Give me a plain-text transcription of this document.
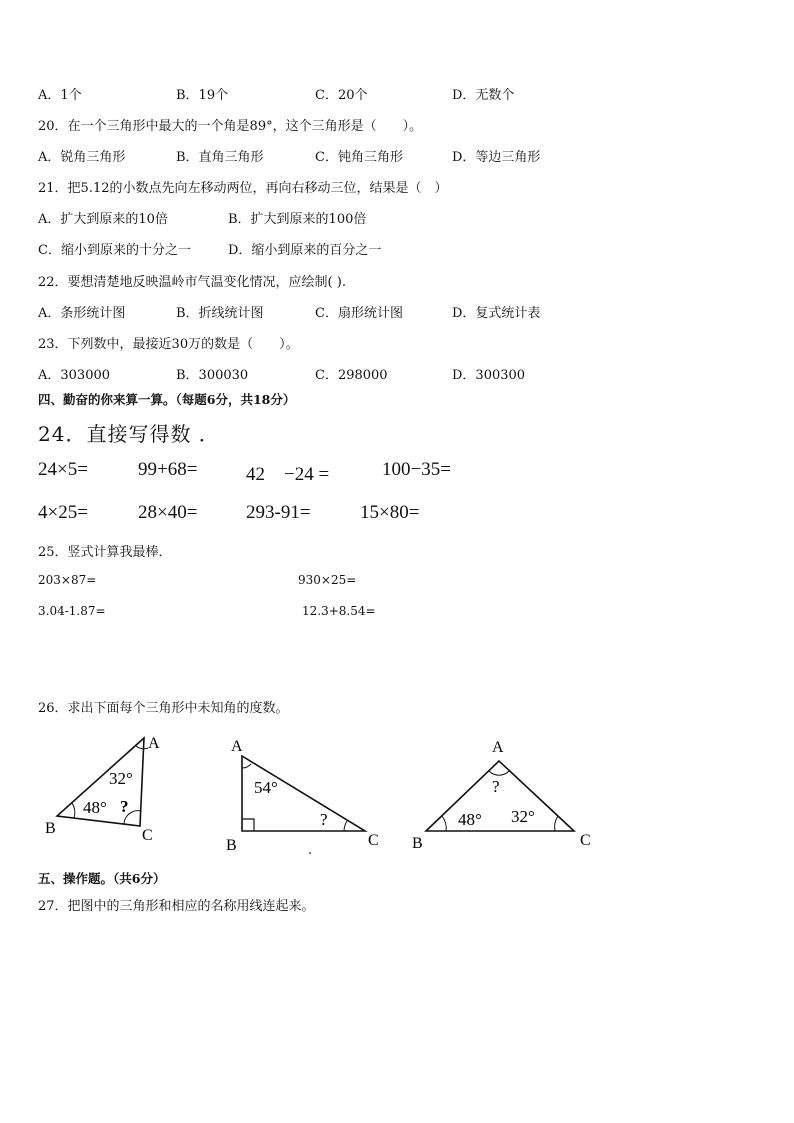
A．1个	B．19个	C．20个	D．无数个
20．在一个三角形中最大的一个角是89°，这个三角形是（　　）。
A．锐角三角形	B．直角三角形	C．钝角三角形	D．等边三角形
21．把5.12的小数点先向左移动两位，再向右移动三位，结果是（　）
A．扩大到原来的10倍	B．扩大到原来的100倍
C．缩小到原来的十分之一	D．缩小到原来的百分之一
22．要想清楚地反映温岭市气温变化情况，应绘制( ).
A．条形统计图	B．折线统计图	C．扇形统计图	D．复式统计表
23．下列数中，最接近30万的数是（　　）。
A．303000	B．300030	C．298000	D．300300
四、勤奋的你来算一算。（每题6分，共18分）
24．直接写得数 ．
24×5=	99+68=	42　−24 =	100−35=
4×25=	28×40=	293-91=	15×80=
25．竖式计算我最棒．
203×87=	930×25=
3.04-1.87=	12.3+8.54=
26．求出下面每个三角形中未知角的度数。
A
B	C
32°
48° ?
A
B	C
54°
?
A
B	C
?
48° 32°
五、操作题。（共6分）
27．把图中的三角形和相应的名称用线连起来。
